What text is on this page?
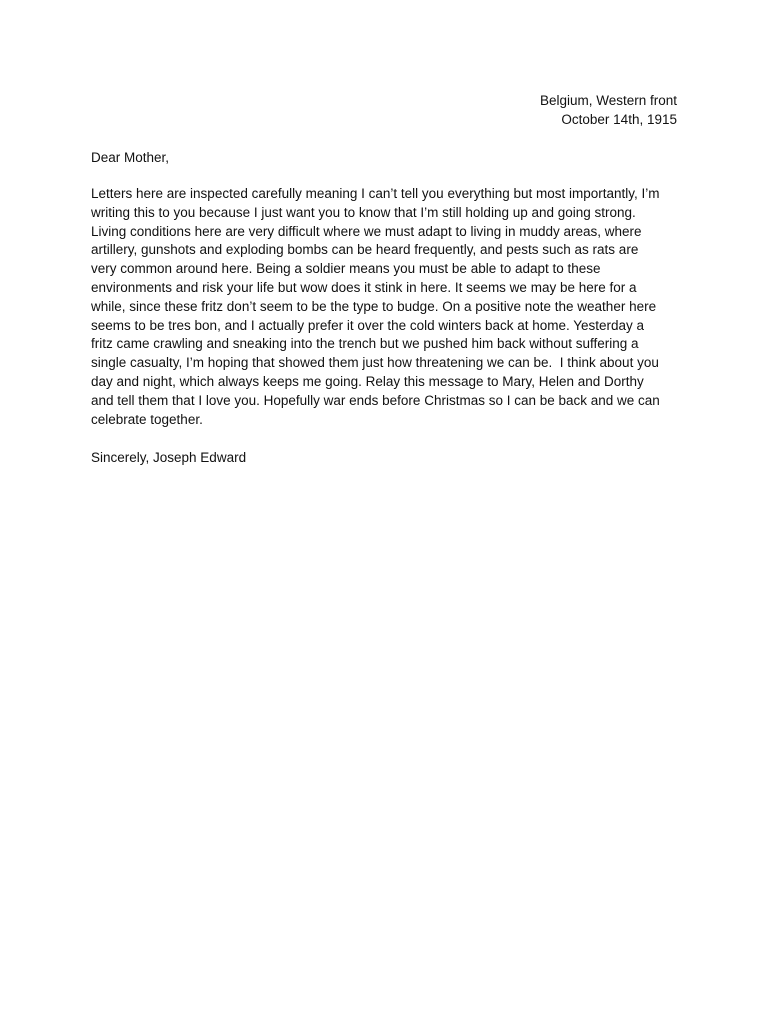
Belgium, Western front
October 14th, 1915
Dear Mother,
Letters here are inspected carefully meaning I can’t tell you everything but most importantly, I’m
writing this to you because I just want you to know that I’m still holding up and going strong.
Living conditions here are very difficult where we must adapt to living in muddy areas, where
artillery, gunshots and exploding bombs can be heard frequently, and pests such as rats are
very common around here. Being a soldier means you must be able to adapt to these
environments and risk your life but wow does it stink in here. It seems we may be here for a
while, since these fritz don’t seem to be the type to budge. On a positive note the weather here
seems to be tres bon, and I actually prefer it over the cold winters back at home. Yesterday a
fritz came crawling and sneaking into the trench but we pushed him back without suffering a
single casualty, I’m hoping that showed them just how threatening we can be.  I think about you
day and night, which always keeps me going. Relay this message to Mary, Helen and Dorthy
and tell them that I love you. Hopefully war ends before Christmas so I can be back and we can
celebrate together.
Sincerely, Joseph Edward
